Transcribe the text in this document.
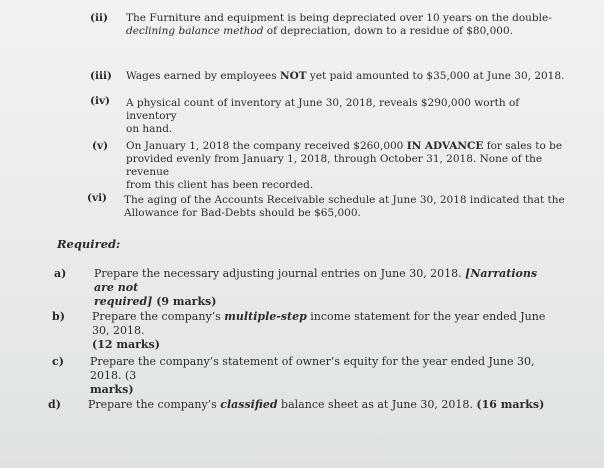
(ii) The Furniture and equipment is being depreciated over 10 years on the double-
declining balance method of depreciation, down to a residue of $80,000.
(iii) Wages earned by employees NOT yet paid amounted to $35,000 at June 30, 2018.
(iv) A physical count of inventory at June 30, 2018, reveals $290,000 worth of inventory
on hand.
(v) On January 1, 2018 the company received $260,000 IN ADVANCE for sales to be
provided evenly from January 1, 2018, through October 31, 2018. None of the revenue
from this client has been recorded.
(vi) The aging of the Accounts Receivable schedule at June 30, 2018 indicated that the
Allowance for Bad-Debts should be $65,000.
Required:
a)	Prepare the necessary adjusting journal entries on June 30, 2018. [Narrations are not
required] (9 marks)
b) Prepare the company’s multiple-step income statement for the year ended June 30, 2018.
(12 marks)
c) Prepare the company’s statement of owner’s equity for the year ended June 30, 2018. (3
marks)
d) Prepare the company’s classified balance sheet as at June 30, 2018. (16 marks)
